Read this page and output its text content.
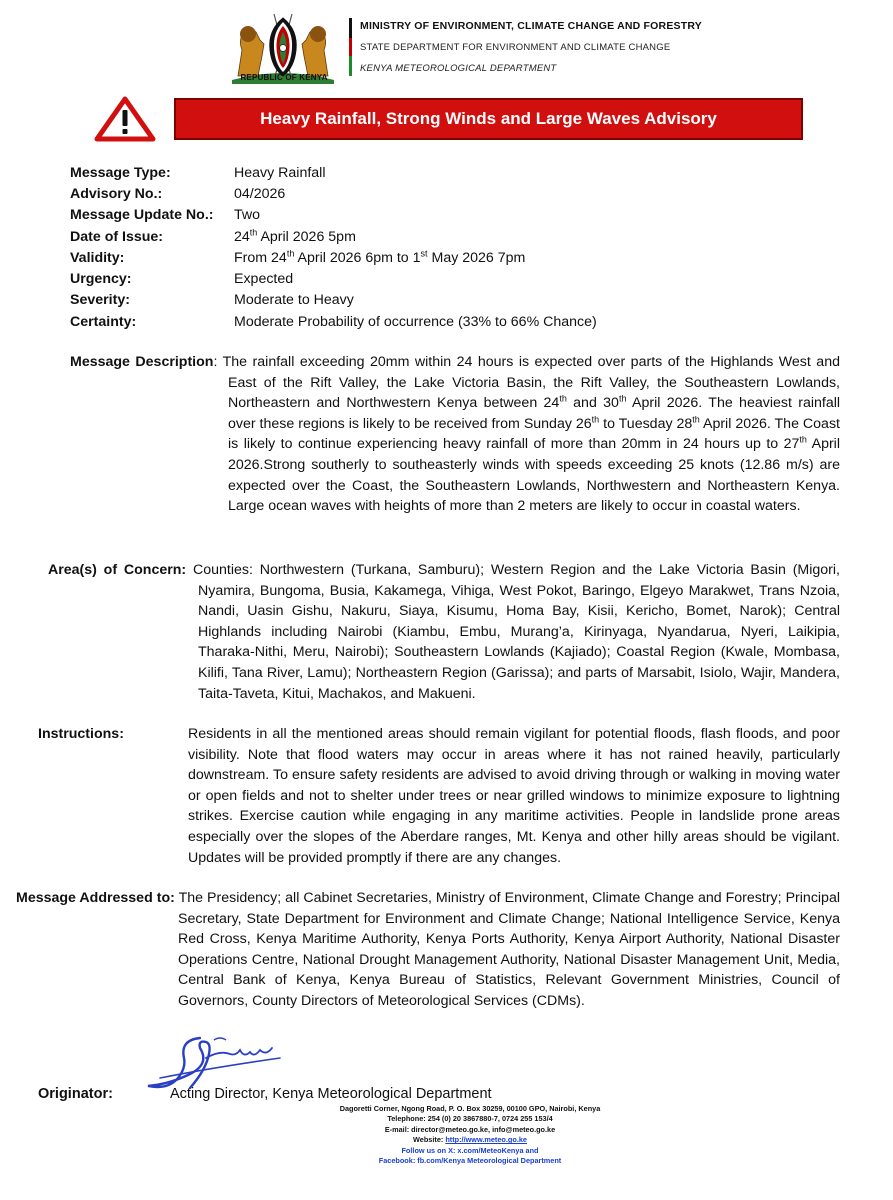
REPUBLIC OF KENYA
MINISTRY OF ENVIRONMENT, CLIMATE CHANGE AND FORESTRY
STATE DEPARTMENT FOR ENVIRONMENT AND CLIMATE CHANGE
KENYA METEOROLOGICAL DEPARTMENT
Heavy Rainfall, Strong Winds and Large Waves Advisory
Message Type:	Heavy Rainfall
Advisory No.:	04/2026
Message Update No.:	Two
Date of Issue:	24th April 2026 5pm
Validity:	From 24th April 2026 6pm to 1st May 2026 7pm
Urgency:	Expected
Severity:	Moderate to Heavy
Certainty:	Moderate Probability of occurrence (33% to 66% Chance)
Message Description: The rainfall exceeding 20mm within 24 hours is expected over parts of the Highlands West and East of the Rift Valley, the Lake Victoria Basin, the Rift Valley, the Southeastern Lowlands, Northeastern and Northwestern Kenya between 24th and 30th April 2026. The heaviest rainfall over these regions is likely to be received from Sunday 26th to Tuesday 28th April 2026. The Coast is likely to continue experiencing heavy rainfall of more than 20mm in 24 hours up to 27th April 2026.Strong southerly to southeasterly winds with speeds exceeding 25 knots (12.86 m/s) are expected over the Coast, the Southeastern Lowlands, Northwestern and Northeastern Kenya. Large ocean waves with heights of more than 2 meters are likely to occur in coastal waters.
Area(s) of Concern: Counties: Northwestern (Turkana, Samburu); Western Region and the Lake Victoria Basin (Migori, Nyamira, Bungoma, Busia, Kakamega, Vihiga, West Pokot, Baringo, Elgeyo Marakwet, Trans Nzoia, Nandi, Uasin Gishu, Nakuru, Siaya, Kisumu, Homa Bay, Kisii, Kericho, Bomet, Narok); Central Highlands including Nairobi (Kiambu, Embu, Murang’a, Kirinyaga, Nyandarua, Nyeri, Laikipia, Tharaka-Nithi, Meru, Nairobi); Southeastern Lowlands (Kajiado); Coastal Region (Kwale, Mombasa, Kilifi, Tana River, Lamu); Northeastern Region (Garissa); and parts of Marsabit, Isiolo, Wajir, Mandera, Taita-Taveta, Kitui, Machakos, and Makueni.
Instructions:	Residents in all the mentioned areas should remain vigilant for potential floods, flash floods, and poor visibility. Note that flood waters may occur in areas where it has not rained heavily, particularly downstream. To ensure safety residents are advised to avoid driving through or walking in moving water or open fields and not to shelter under trees or near grilled windows to minimize exposure to lightning strikes. Exercise caution while engaging in any maritime activities. People in landslide prone areas especially over the slopes of the Aberdare ranges, Mt. Kenya and other hilly areas should be vigilant. Updates will be provided promptly if there are any changes.
Message Addressed to: The Presidency; all Cabinet Secretaries, Ministry of Environment, Climate Change and Forestry; Principal Secretary, State Department for Environment and Climate Change; National Intelligence Service, Kenya Red Cross, Kenya Maritime Authority, Kenya Ports Authority, Kenya Airport Authority, National Disaster Operations Centre, National Drought Management Authority, National Disaster Management Unit, Media, Central Bank of Kenya, Kenya Bureau of Statistics, Relevant Government Ministries, Council of Governors, County Directors of Meteorological Services (CDMs).
Originator:	Acting Director, Kenya Meteorological Department
Dagoretti Corner, Ngong Road, P. O. Box 30259, 00100 GPO, Nairobi, Kenya
Telephone: 254 (0) 20 3867880-7, 0724 255 153/4
E-mail: director@meteo.go.ke, info@meteo.go.ke
Website: http://www.meteo.go.ke
Follow us on X: x.com/MeteoKenya and
Facebook: fb.com/Kenya Meteorological Department
